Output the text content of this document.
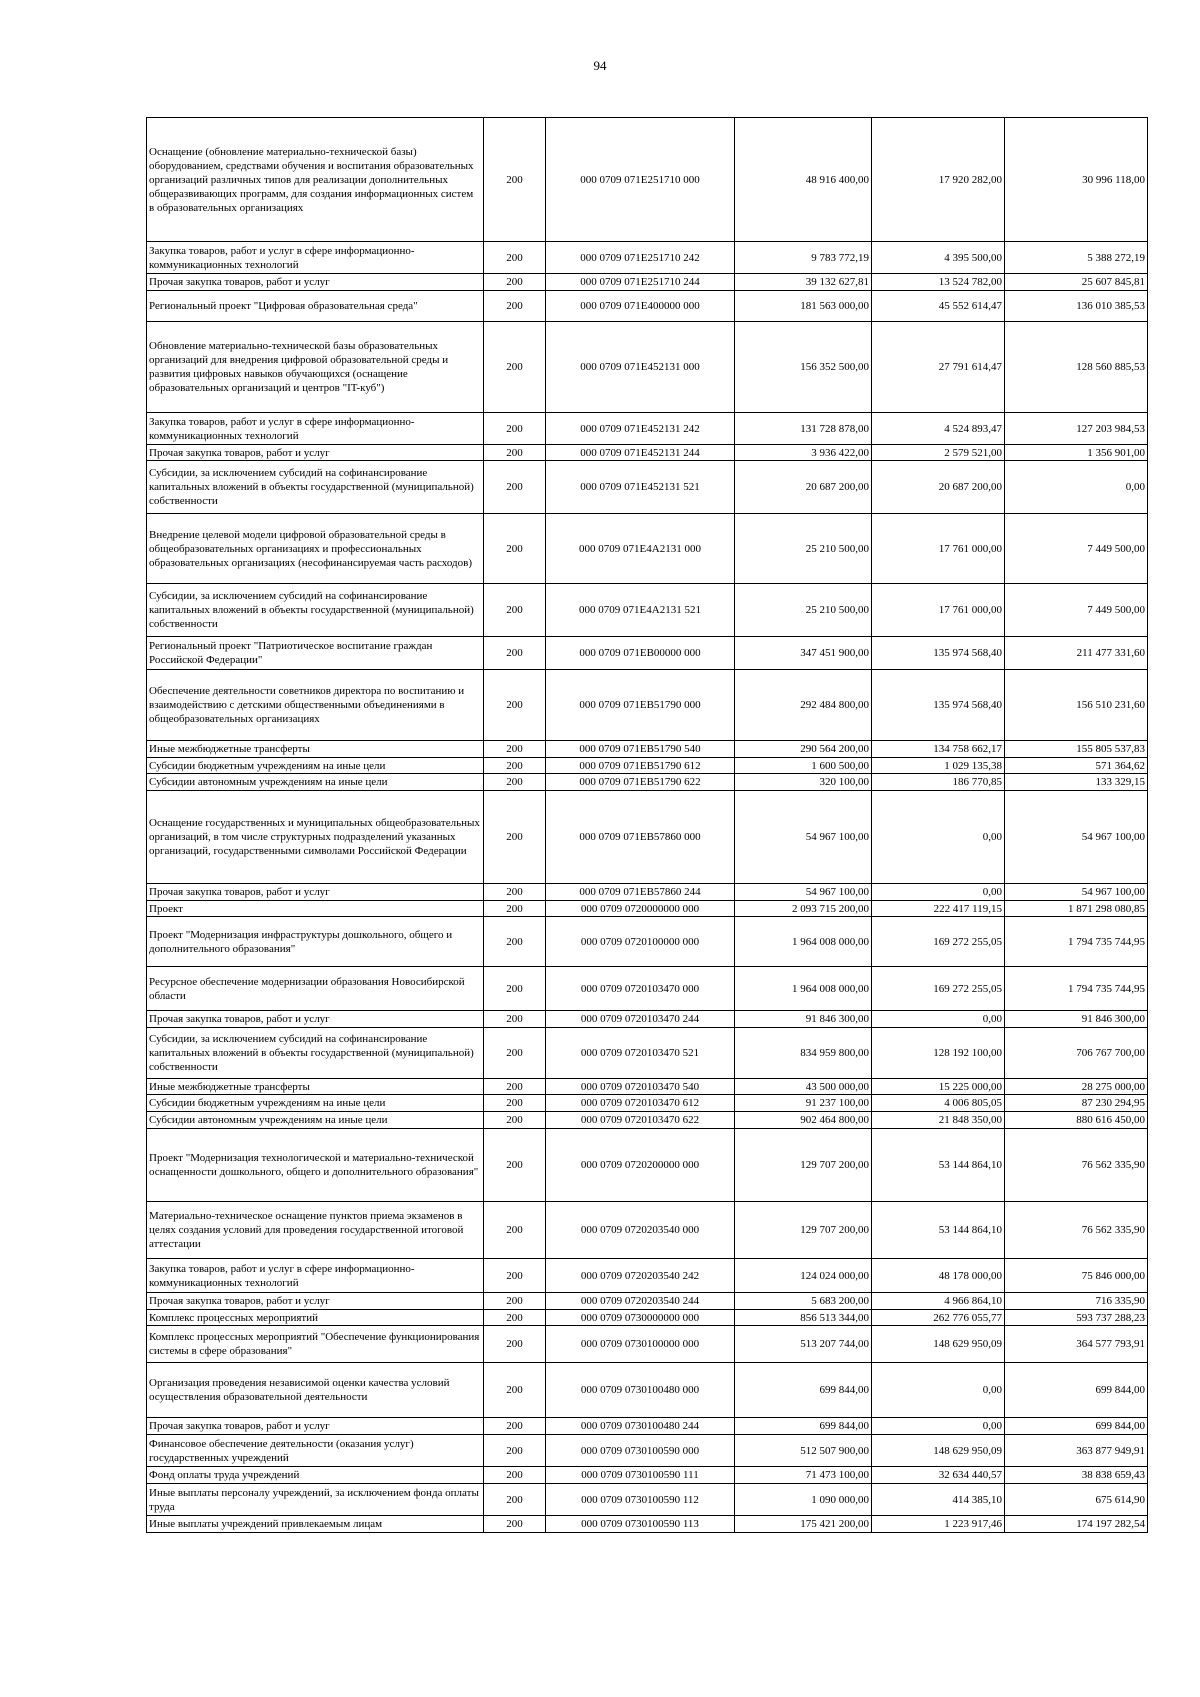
94
Оснащение (обновление материально-технической базы) оборудованием, средствами обучения и воспитания образовательных организаций различных типов для реализации дополнительных общеразвивающих программ, для создания информационных систем в образовательных организациях	200	000 0709 071E251710 000	48 916 400,00	17 920 282,00	30 996 118,00
Закупка товаров, работ и услуг в сфере информационно-коммуникационных технологий	200	000 0709 071E251710 242	9 783 772,19	4 395 500,00	5 388 272,19
Прочая закупка товаров, работ и услуг	200	000 0709 071E251710 244	39 132 627,81	13 524 782,00	25 607 845,81
Региональный проект "Цифровая образовательная среда"	200	000 0709 071E400000 000	181 563 000,00	45 552 614,47	136 010 385,53
Обновление материально-технической базы образовательных организаций для внедрения цифровой образовательной среды и развития цифровых навыков обучающихся (оснащение образовательных организаций и центров "IT-куб")	200	000 0709 071E452131 000	156 352 500,00	27 791 614,47	128 560 885,53
Закупка товаров, работ и услуг в сфере информационно-коммуникационных технологий	200	000 0709 071E452131 242	131 728 878,00	4 524 893,47	127 203 984,53
Прочая закупка товаров, работ и услуг	200	000 0709 071E452131 244	3 936 422,00	2 579 521,00	1 356 901,00
Субсидии, за исключением субсидий на софинансирование капитальных вложений в объекты государственной (муниципальной) собственности	200	000 0709 071E452131 521	20 687 200,00	20 687 200,00	0,00
Внедрение целевой модели цифровой образовательной среды в общеобразовательных организациях и профессиональных образовательных организациях (несофинансируемая часть расходов)	200	000 0709 071E4A2131 000	25 210 500,00	17 761 000,00	7 449 500,00
Субсидии, за исключением субсидий на софинансирование капитальных вложений в объекты государственной (муниципальной) собственности	200	000 0709 071E4A2131 521	25 210 500,00	17 761 000,00	7 449 500,00
Региональный проект "Патриотическое воспитание граждан Российской Федерации"	200	000 0709 071EB00000 000	347 451 900,00	135 974 568,40	211 477 331,60
Обеспечение деятельности советников директора по воспитанию и взаимодействию с детскими общественными объединениями в общеобразовательных организациях	200	000 0709 071EB51790 000	292 484 800,00	135 974 568,40	156 510 231,60
Иные межбюджетные трансферты	200	000 0709 071EB51790 540	290 564 200,00	134 758 662,17	155 805 537,83
Субсидии бюджетным учреждениям на иные цели	200	000 0709 071EB51790 612	1 600 500,00	1 029 135,38	571 364,62
Субсидии автономным учреждениям на иные цели	200	000 0709 071EB51790 622	320 100,00	186 770,85	133 329,15
Оснащение государственных и муниципальных общеобразовательных организаций, в том числе структурных подразделений указанных организаций, государственными символами Российской Федерации	200	000 0709 071EB57860 000	54 967 100,00	0,00	54 967 100,00
Прочая закупка товаров, работ и услуг	200	000 0709 071EB57860 244	54 967 100,00	0,00	54 967 100,00
Проект	200	000 0709 0720000000 000	2 093 715 200,00	222 417 119,15	1 871 298 080,85
Проект "Модернизация инфраструктуры дошкольного, общего и дополнительного образования"	200	000 0709 0720100000 000	1 964 008 000,00	169 272 255,05	1 794 735 744,95
Ресурсное обеспечение модернизации образования Новосибирской области	200	000 0709 0720103470 000	1 964 008 000,00	169 272 255,05	1 794 735 744,95
Прочая закупка товаров, работ и услуг	200	000 0709 0720103470 244	91 846 300,00	0,00	91 846 300,00
Субсидии, за исключением субсидий на софинансирование капитальных вложений в объекты государственной (муниципальной) собственности	200	000 0709 0720103470 521	834 959 800,00	128 192 100,00	706 767 700,00
Иные межбюджетные трансферты	200	000 0709 0720103470 540	43 500 000,00	15 225 000,00	28 275 000,00
Субсидии бюджетным учреждениям на иные цели	200	000 0709 0720103470 612	91 237 100,00	4 006 805,05	87 230 294,95
Субсидии автономным учреждениям на иные цели	200	000 0709 0720103470 622	902 464 800,00	21 848 350,00	880 616 450,00
Проект "Модернизация технологической и материально-технической оснащенности дошкольного, общего и дополнительного образования"	200	000 0709 0720200000 000	129 707 200,00	53 144 864,10	76 562 335,90
Материально-техническое оснащение пунктов приема экзаменов в целях создания условий для проведения государственной итоговой аттестации	200	000 0709 0720203540 000	129 707 200,00	53 144 864,10	76 562 335,90
Закупка товаров, работ и услуг в сфере информационно-коммуникационных технологий	200	000 0709 0720203540 242	124 024 000,00	48 178 000,00	75 846 000,00
Прочая закупка товаров, работ и услуг	200	000 0709 0720203540 244	5 683 200,00	4 966 864,10	716 335,90
Комплекс процессных мероприятий	200	000 0709 0730000000 000	856 513 344,00	262 776 055,77	593 737 288,23
Комплекс процессных мероприятий "Обеспечение функционирования системы в сфере образования"	200	000 0709 0730100000 000	513 207 744,00	148 629 950,09	364 577 793,91
Организация проведения независимой оценки качества условий осуществления образовательной деятельности	200	000 0709 0730100480 000	699 844,00	0,00	699 844,00
Прочая закупка товаров, работ и услуг	200	000 0709 0730100480 244	699 844,00	0,00	699 844,00
Финансовое обеспечение деятельности (оказания услуг) государственных учреждений	200	000 0709 0730100590 000	512 507 900,00	148 629 950,09	363 877 949,91
Фонд оплаты труда учреждений	200	000 0709 0730100590 111	71 473 100,00	32 634 440,57	38 838 659,43
Иные выплаты персоналу учреждений, за исключением фонда оплаты труда	200	000 0709 0730100590 112	1 090 000,00	414 385,10	675 614,90
Иные выплаты учреждений привлекаемым лицам	200	000 0709 0730100590 113	175 421 200,00	1 223 917,46	174 197 282,54
